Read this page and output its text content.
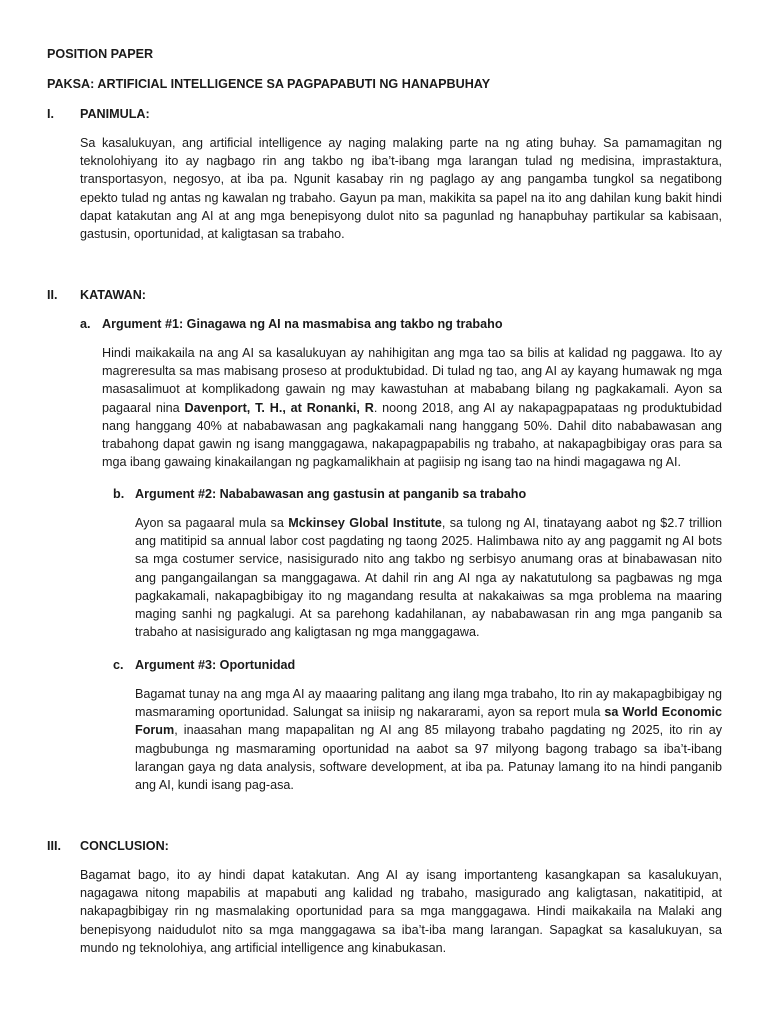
POSITION PAPER
PAKSA: ARTIFICIAL INTELLIGENCE SA PAGPAPABUTI NG HANAPBUHAY
I. PANIMULA:

Sa kasalukuyan, ang artificial intelligence ay naging malaking parte na ng ating buhay. Sa pamamagitan ng teknolohiyang ito ay nagbago rin ang takbo ng iba’t-ibang mga larangan tulad ng medisina, imprastaktura, transportasyon, negosyo, at iba pa. Ngunit kasabay rin ng paglago ay ang pangamba tungkol sa negatibong epekto tulad ng antas ng kawalan ng trabaho. Gayun pa man, makikita sa papel na ito ang dahilan kung bakit hindi dapat katakutan ang AI at ang mga benepisyong dulot nito sa pagunlad ng hanapbuhay partikular sa kabisaan, gastusin, oportunidad, at kaligtasan sa trabaho.

II. KATAWAN:
a. Argument #1: Ginagawa ng AI na masmabisa ang takbo ng trabaho

Hindi maikakaila na ang AI sa kasalukuyan ay nahihigitan ang mga tao sa bilis at kalidad ng paggawa. Ito ay magreresulta sa mas mabisang proseso at produktubidad. Di tulad ng tao, ang AI ay kayang humawak ng mga masasalimuot at komplikadong gawain ng may kawastuhan at mababang bilang ng pagkakamali. Ayon sa pagaaral nina Davenport, T. H., at Ronanki, R. noong 2018, ang AI ay nakapagpapataas ng produktubidad nang hanggang 40% at nababawasan ang pagkakamali nang hanggang 50%. Dahil dito nababawasan ang trabahong dapat gawin ng isang manggagawa, nakapagpapabilis ng trabaho, at nakapagbibigay oras para sa mga ibang gawaing kinakailangan ng pagkamalikhain at pagiisip ng isang tao na hindi magagawa ng AI.

b. Argument #2: Nababawasan ang gastusin at panganib sa trabaho

Ayon sa pagaaral mula sa Mckinsey Global Institute, sa tulong ng AI, tinatayang aabot ng $2.7 trillion ang matitipid sa annual labor cost pagdating ng taong 2025. Halimbawa nito ay ang paggamit ng AI bots sa mga costumer service, nasisigurado nito ang takbo ng serbisyo anumang oras at binabawasan nito ang pangangailangan sa manggagawa. At dahil rin ang AI nga ay nakatutulong sa pagbawas ng mga pagkakamali, nakapagbibigay ito ng magandang resulta at nakakaiwas sa mga problema na maaring maging sanhi ng pagkalugi. At sa parehong kadahilanan, ay nababawasan rin ang mga panganib sa trabaho at nasisigurado ang kaligtasan ng mga manggagawa.

c. Argument #3: Oportunidad

Bagamat tunay na ang mga AI ay maaaring palitang ang ilang mga trabaho, Ito rin ay makapagbibigay ng masmaraming oportunidad. Salungat sa iniisip ng nakararami, ayon sa report mula sa World Economic Forum, inaasahan mang mapapalitan ng AI ang 85 milayong trabaho pagdating ng 2025, ito rin ay magbubunga ng masmaraming oportunidad na aabot sa 97 milyong bagong trabago sa iba’t-ibang larangan gaya ng data analysis, software development, at iba pa. Patunay lamang ito na hindi panganib ang AI, kundi isang pag-asa.

III. CONCLUSION:

Bagamat bago, ito ay hindi dapat katakutan. Ang AI ay isang importanteng kasangkapan sa kasalukuyan, nagagawa nitong mapabilis at mapabuti ang kalidad ng trabaho, masigurado ang kaligtasan, nakatitipid, at nakapagbibigay rin ng masmalaking oportunidad para sa mga manggagawa. Hindi maikakaila na Malaki ang benepisyong naidudulot nito sa mga manggagawa sa iba’t-iba mang larangan. Sapagkat sa kasalukuyan, sa mundo ng teknolohiya, ang artificial intelligence ang kinabukasan.
